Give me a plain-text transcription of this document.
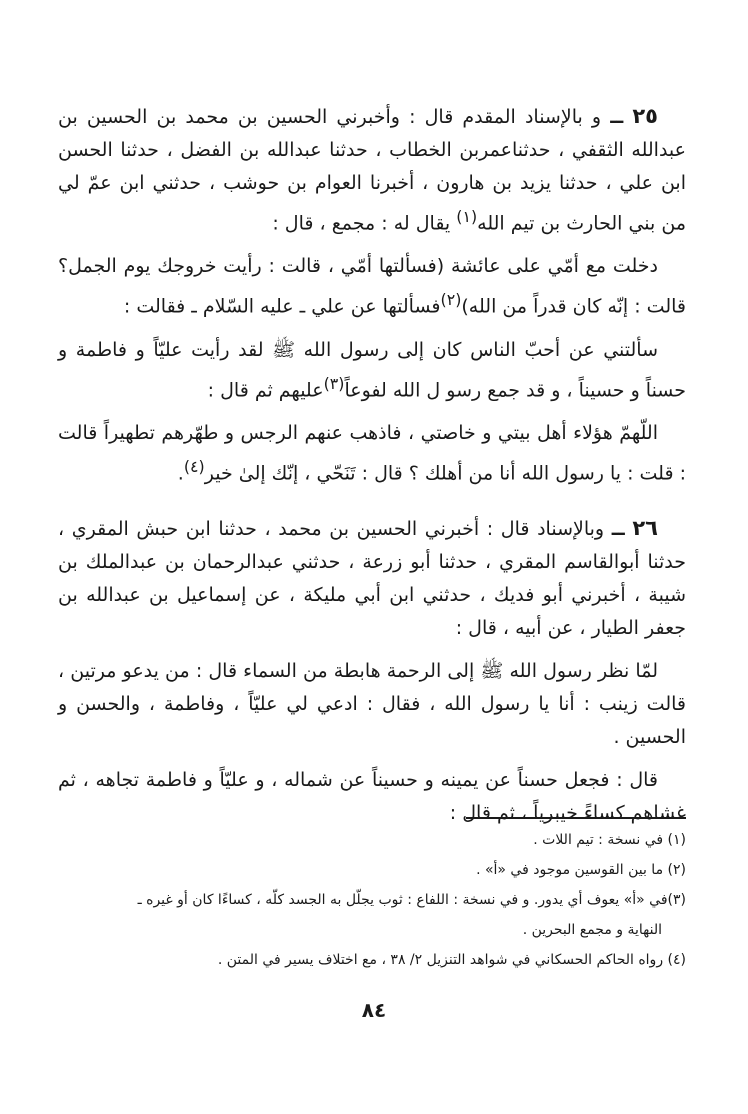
٢٥ ــ و بالإسناد المقدم قال : وأخبرني الحسين بن محمد بن الحسين بن عبدالله الثقفي ، حدثناعمربن الخطاب ، حدثنا عبدالله بن الفضل ، حدثنا الحسن ابن علي ، حدثنا يزيد بن هارون ، أخبرنا العوام بن حوشب ، حدثني ابن عمّ لي من بني الحارث بن تيم الله$^{(١)}$ يقال له : مجمع ، قال :

دخلت مع أمّي على عائشة (فسألتها أمّي ، قالت : رأيت خروجك يوم الجمل؟ قالت : إنّه كان قدراً من الله)$^{(٢)}$فسألتها عن علي ـ عليه السّلام ـ فقالت :

سألتني عن أحبّ الناس كان إلى رسول الله ﷺ لقد رأيت عليّاً و فاطمة و حسناً و حسيناً ، و قد جمع رسو ل الله لفوعاً$^{(٣)}$عليهم ثم قال :

اللّهمّ هؤلاء أهل بيتي و خاصتي ، فاذهب عنهم الرجس و طهّرهم تطهيراً قالت : قلت : يا رسول الله أنا من أهلك ؟ قال : تَنَحّي ، إنّك إلىٰ خير$^{(٤)}$.

٢٦ ــ وبالإسناد قال : أخبرني الحسين بن محمد ، حدثنا ابن حبش المقري ، حدثنا أبوالقاسم المقري ، حدثنا أبو زرعة ، حدثني عبدالرحمان بن عبدالملك بن شيبة ، أخبرني أبو فديك ، حدثني ابن أبي مليكة ، عن إسماعيل بن عبدالله بن جعفر الطيار ، عن أبيه ، قال :

لمّا نظر رسول الله ﷺ إلى الرحمة هابطة من السماء قال : من يدعو مرتين ، قالت زينب : أنا يا رسول الله ، فقال : ادعي لي عليّاً ، وفاطمة ، والحسن و الحسين .

قال : فجعل حسناً عن يمينه و حسيناً عن شماله ، و عليّاً و فاطمة تجاهه ، ثم غشاهم كساءً خيبرياً ، ثم قال :

(١) في نسخة : تيم اللات .

(٢) ما بين القوسين موجود في «أ» .

(٣)في «أ» يعوف أي يدور. و في نسخة : اللفاع : ثوب يجلّل به الجسد كلّه ، كساءًا كان أو غيره ـ
النهاية و مجمع البحرين .

(٤) رواه الحاكم الحسكاني في شواهد التنزيل ٢/ ٣٨ ، مع اختلاف يسير في المتن .

٨٤
